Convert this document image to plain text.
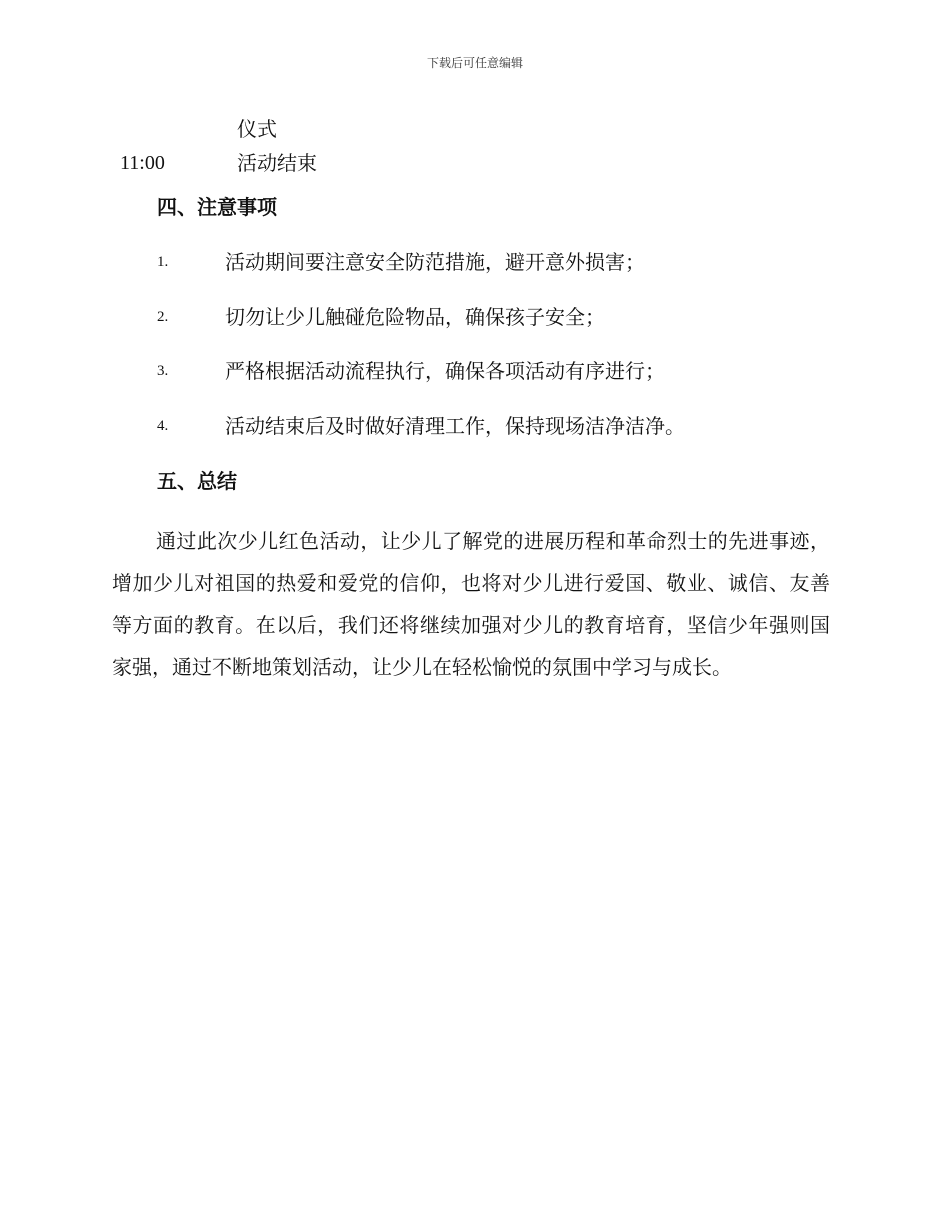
下载后可任意编辑
仪式
11:00	活动结束
四、注意事项
1.	活动期间要注意安全防范措施，避开意外损害；
2.	切勿让少儿触碰危险物品，确保孩子安全；
3.	严格根据活动流程执行，确保各项活动有序进行；
4.	活动结束后及时做好清理工作，保持现场洁净洁净。
五、总结

通过此次少儿红色活动，让少儿了解党的进展历程和革命烈士的先进事迹，增加少儿对祖国的热爱和爱党的信仰，也将对少儿进行爱国、敬业、诚信、友善等方面的教育。在以后，我们还将继续加强对少儿的教育培育，坚信少年强则国家强，通过不断地策划活动，让少儿在轻松愉悦的氛围中学习与成长。
